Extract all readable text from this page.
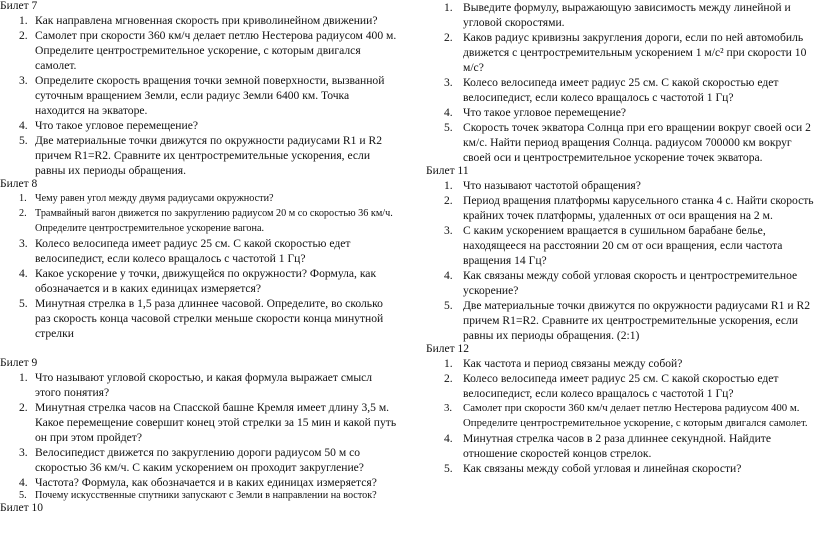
Билет 7

1. Как направлена мгновенная скорость при криволинейном движении?
2. Самолет при скорости 360 км/ч делает петлю Нестерова радиусом 400 м. Определите центростремительное ускорение, с которым двигался самолет.
3. Определите скорость вращения точки земной поверхности, вызванной суточным вращением Земли, если радиус Земли 6400 км. Точка находится на экваторе.
4. Что такое угловое перемещение?
5. Две материальные точки движутся по окружности радиусами R1 и R2 причем R1=R2. Сравните их центростремительные ускорения, если равны их периоды обращения.

Билет 8

1. Чему равен угол между двумя радиусами окружности?
2. Трамвайный вагон движется по закруглению радиусом 20 м со скоростью 36 км/ч. Определите центростремительное ускорение вагона.
3. Колесо велосипеда имеет радиус 25 см. С какой скоростью едет велосипедист, если колесо вращалось с частотой 1 Гц?
4. Какое ускорение у точки, движущейся по окружности? Формула, как обозначается и в каких единицах измеряется?
5. Минутная стрелка в 1,5 раза длиннее часовой. Определите, во сколько раз скорость конца часовой стрелки меньше скорости конца минутной стрелки

Билет 9

1. Что называют угловой скоростью, и какая формула выражает смысл этого понятия?
2. Минутная стрелка часов на Спасской башне Кремля имеет длину 3,5 м. Какое перемещение совершит конец этой стрелки за 15 мин и какой путь он при этом пройдет?
3. Велосипедист движется по закруглению дороги радиусом 50 м со скоростью 36 км/ч. С каким ускорением он проходит закругление?
4. Частота? Формула, как обозначается и в каких единицах измеряется?
5. Почему искусственные спутники запускают с Земли в направлении на восток?

Билет 10

1. Выведите формулу, выражающую зависимость между линейной и угловой скоростями.
2. Каков радиус кривизны закругления дороги, если по ней автомобиль движется с центростремительным ускорением 1 м/с² при скорости 10 м/с?
3. Колесо велосипеда имеет радиус 25 см. С какой скоростью едет велосипедист, если колесо вращалось с частотой 1 Гц?
4. Что такое угловое перемещение?
5. Скорость точек экватора Солнца при его вращении вокруг своей оси 2 км/с. Найти период вращения Солнца. радиусом 700000 км вокруг своей оси и центростремительное ускорение точек экватора.

Билет 11

1. Что называют частотой обращения?
2. Период вращения платформы карусельного станка 4 с. Найти скорость крайних точек платформы, удаленных от оси вращения на 2 м.
3. С каким ускорением вращается в сушильном барабане белье, находящееся на расстоянии 20 см от оси вращения, если частота вращения 14 Гц?
4. Как связаны между собой угловая скорость и центростремительное ускорение?
5. Две материальные точки движутся по окружности радиусами R1 и R2 причем R1=R2. Сравните их центростремительные ускорения, если равны их периоды обращения. (2:1)

Билет 12

1. Как частота и период связаны между собой?
2. Колесо велосипеда имеет радиус 25 см. С какой скоростью едет велосипедист, если колесо вращалось с частотой 1 Гц?
3. Самолет при скорости 360 км/ч делает петлю Нестерова радиусом 400 м. Определите центростремительное ускорение, с которым двигался самолет.
4. Минутная стрелка часов в 2 раза длиннее секундной. Найдите отношение скоростей концов стрелок.
5. Как связаны между собой угловая и линейная скорости?
